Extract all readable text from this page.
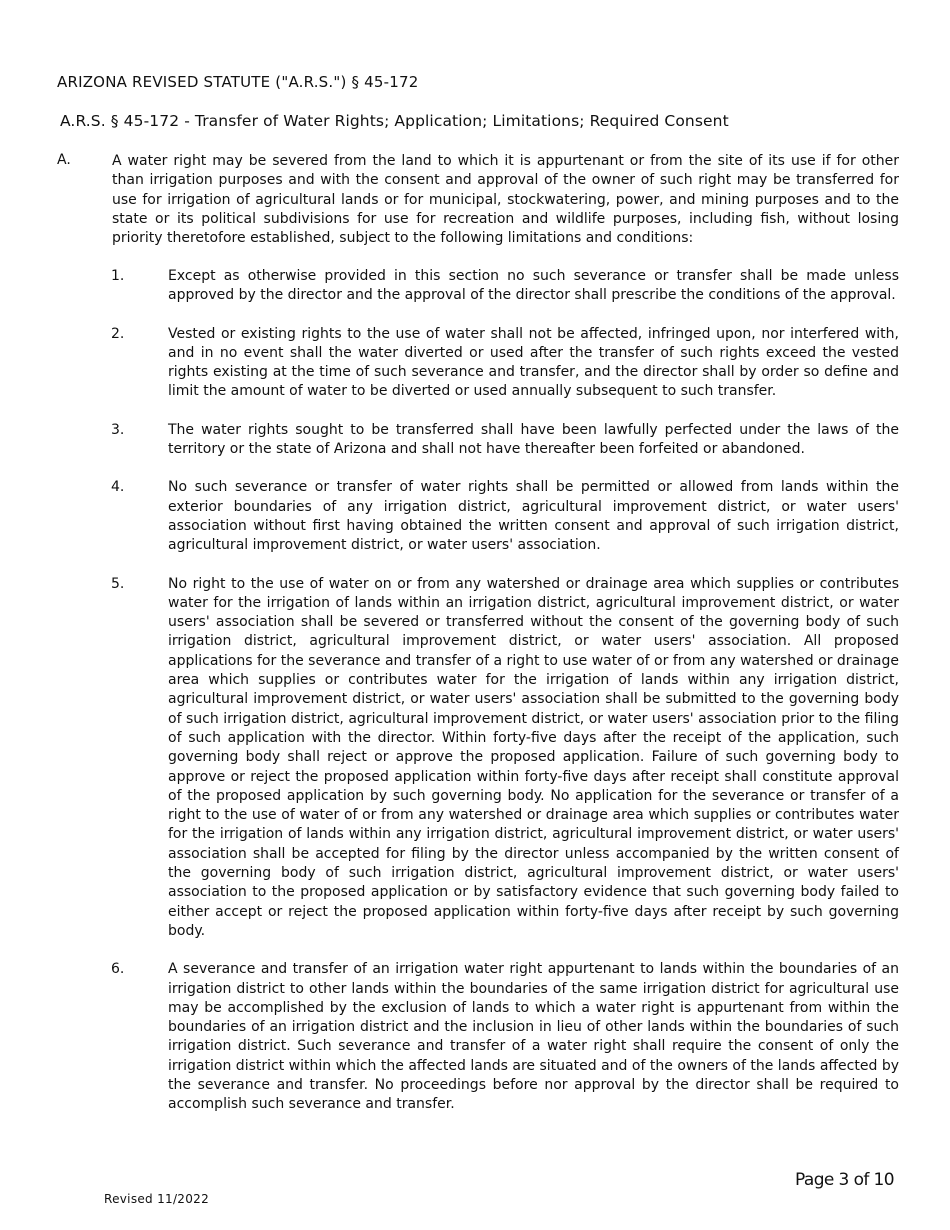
ARIZONA REVISED STATUTE ("A.R.S.") § 45-172
A.R.S. § 45-172 - Transfer of Water Rights; Application; Limitations; Required Consent
A.	A water right may be severed from the land to which it is appurtenant or from the site of its use if for other than irrigation purposes and with the consent and approval of the owner of such right may be transferred for use for irrigation of agricultural lands or for municipal, stockwatering, power, and mining purposes and to the state or its political subdivisions for use for recreation and wildlife purposes, including fish, without losing priority theretofore established, subject to the following limitations and conditions:
1.	Except as otherwise provided in this section no such severance or transfer shall be made unless approved by the director and the approval of the director shall prescribe the conditions of the approval.
2.	Vested or existing rights to the use of water shall not be affected, infringed upon, nor interfered with, and in no event shall the water diverted or used after the transfer of such rights exceed the vested rights existing at the time of such severance and transfer, and the director shall by order so define and limit the amount of water to be diverted or used annually subsequent to such transfer.
3.	The water rights sought to be transferred shall have been lawfully perfected under the laws of the territory or the state of Arizona and shall not have thereafter been forfeited or abandoned.
4.	No such severance or transfer of water rights shall be permitted or allowed from lands within the exterior boundaries of any irrigation district, agricultural improvement district, or water users' association without first having obtained the written consent and approval of such irrigation district, agricultural improvement district, or water users' association.
5.	No right to the use of water on or from any watershed or drainage area which supplies or contributes water for the irrigation of lands within an irrigation district, agricultural improvement district, or water users' association shall be severed or transferred without the consent of the governing body of such irrigation district, agricultural improvement district, or water users' association. All proposed applications for the severance and transfer of a right to use water of or from any watershed or drainage area which supplies or contributes water for the irrigation of lands within any irrigation district, agricultural improvement district, or water users' association shall be submitted to the governing body of such irrigation district, agricultural improvement district, or water users' association prior to the filing of such application with the director. Within forty-five days after the receipt of the application, such governing body shall reject or approve the proposed application. Failure of such governing body to approve or reject the proposed application within forty-five days after receipt shall constitute approval of the proposed application by such governing body. No application for the severance or transfer of a right to the use of water of or from any watershed or drainage area which supplies or contributes water for the irrigation of lands within any irrigation district, agricultural improvement district, or water users' association shall be accepted for filing by the director unless accompanied by the written consent of the governing body of such irrigation district, agricultural improvement district, or water users' association to the proposed application or by satisfactory evidence that such governing body failed to either accept or reject the proposed application within forty-five days after receipt by such governing body.
6.	A severance and transfer of an irrigation water right appurtenant to lands within the boundaries of an irrigation district to other lands within the boundaries of the same irrigation district for agricultural use may be accomplished by the exclusion of lands to which a water right is appurtenant from within the boundaries of an irrigation district and the inclusion in lieu of other lands within the boundaries of such irrigation district. Such severance and transfer of a water right shall require the consent of only the irrigation district within which the affected lands are situated and of the owners of the lands affected by the severance and transfer. No proceedings before nor approval by the director shall be required to accomplish such severance and transfer.
Page 3 of 10
Revised 11/2022
